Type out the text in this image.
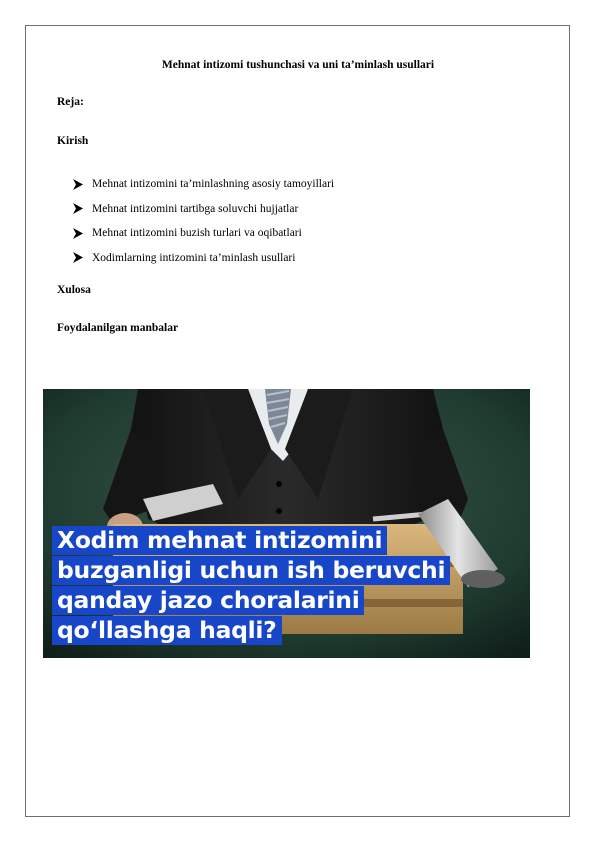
Mehnat intizomi tushunchasi va uni ta’minlash usullari
Reja:
Kirish
Mehnat intizomini ta’minlashning asosiy tamoyillari
Mehnat intizomini tartibga soluvchi hujjatlar
Mehnat intizomini buzish turlari va oqibatlari
Xodimlarning intizomini ta’minlash usullari
Xulosa
Foydalanilgan manbalar
Xodim mehnat intizomini
buzganligi uchun ish beruvchi
qanday jazo choralarini
qo‘llashga haqli?
